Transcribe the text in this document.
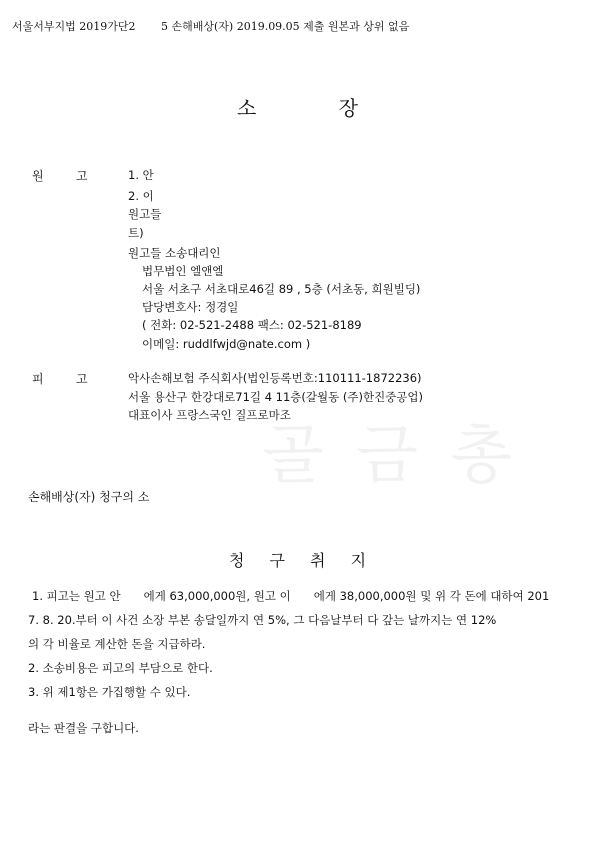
서울서부지법 2019가단2 　　5 손해배상(자) 2019.09.05 제출 원본과 상위 없음
소 장
원	고	1. 안
2. 이
원고들
트)
원고들 소송대리인
법무법인 엘앤엘
서울 서초구 서초대로46길 89 , 5층 (서초동, 희원빌딩)
담당변호사: 정경일
( 전화: 02-521-2488 팩스: 02-521-8189
이메일: ruddlfwjd@nate.com )
골 금 총
피	고	악사손해보험 주식회사(법인등록번호:110111-1872236)
서울 용산구 한강대로71길 4 11층(갈월동 (주)한진중공업)
대표이사 프랑스국인 질프로마조
손해배상(자) 청구의 소
청 구 취 지
1. 피고는 원고 안　　에게 63,000,000원, 원고 이　　에게 38,000,000원 및 위 각 돈에 대하여 201
7. 8. 20.부터 이 사건 소장 부본 송달일까지 연 5%, 그 다음날부터 다 갚는 날까지는 연 12%
의 각 비율로 계산한 돈을 지급하라.
2. 소송비용은 피고의 부담으로 한다.
3. 위 제1항은 가집행할 수 있다.
라는 판결을 구합니다.
